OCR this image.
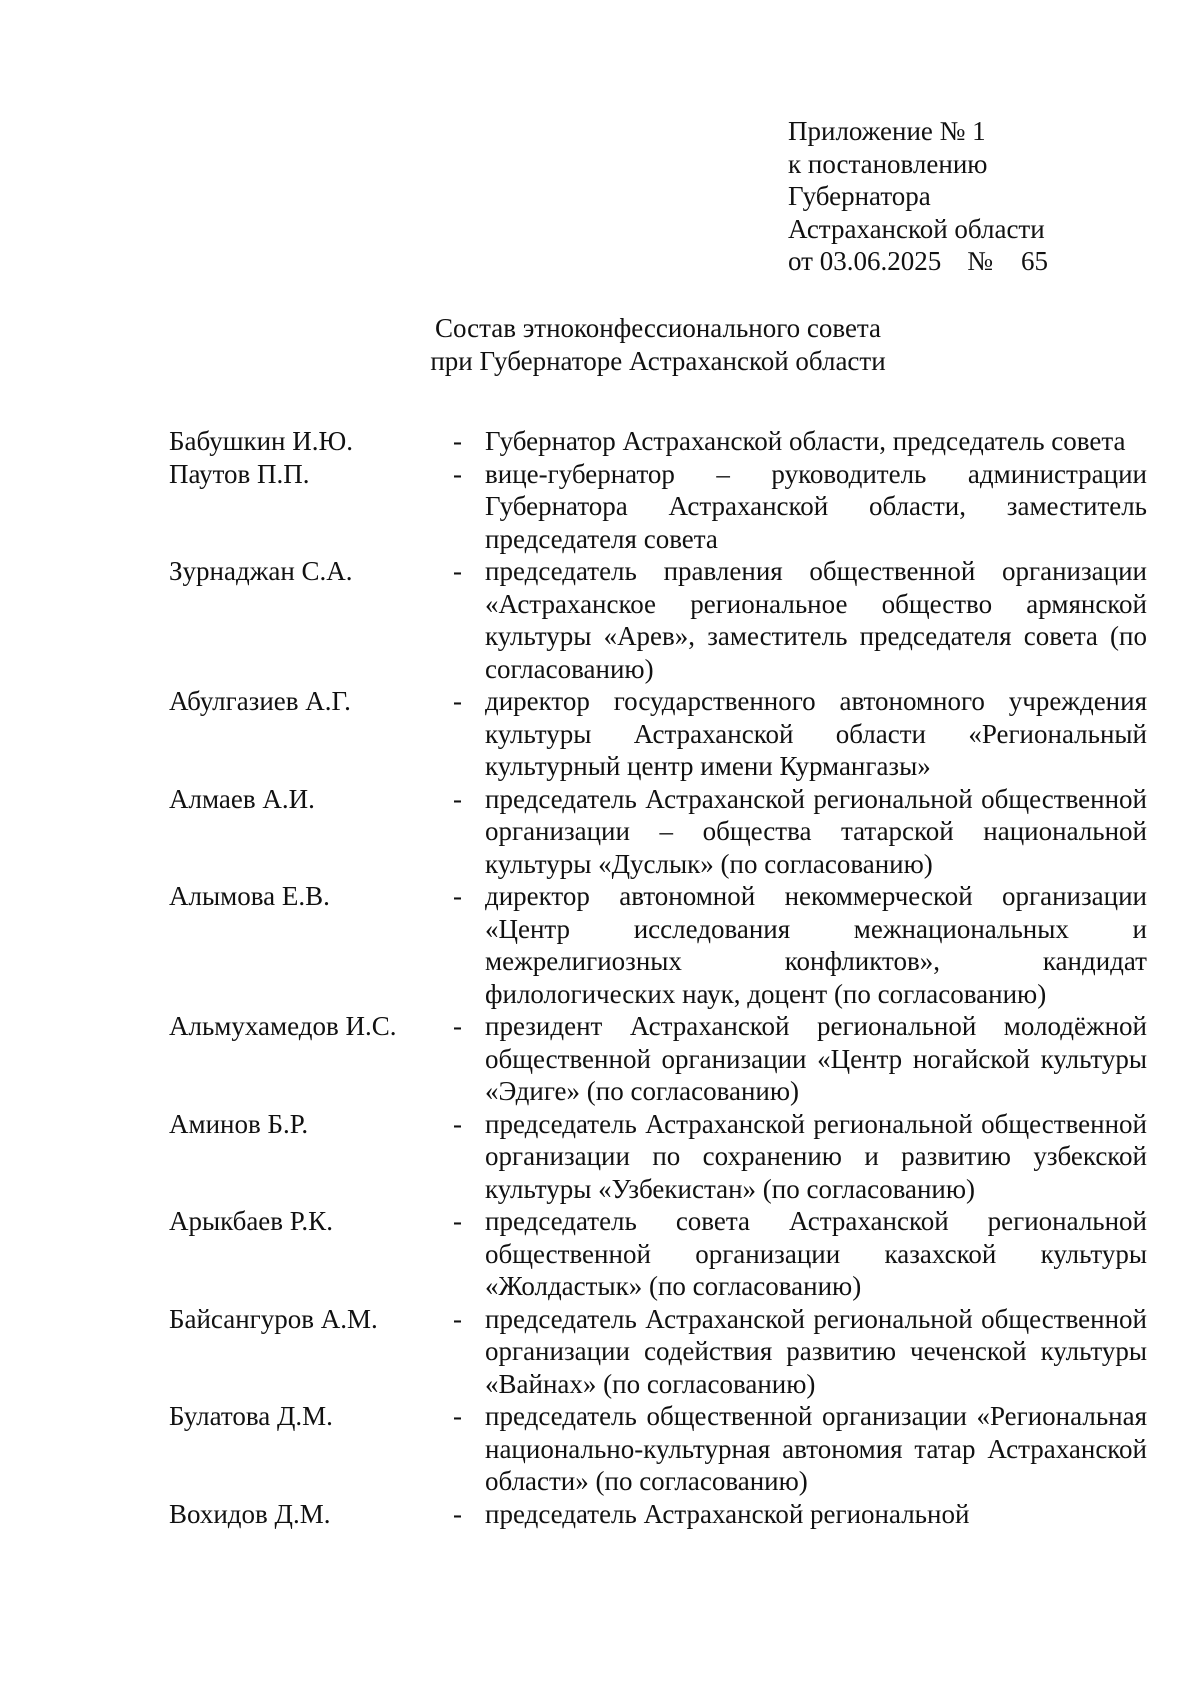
Приложение № 1
к постановлению
Губернатора
Астраханской области
от 03.06.2025 № 65
Состав этноконфессионального совета
при Губернаторе Астраханской области
Бабушкин И.Ю.	- Губернатор Астраханской области, председатель совета
Паутов П.П.	- вице-губернатор – руководитель администрации Губернатора Астраханской области, заместитель председателя совета
Зурнаджан С.А.	- председатель правления общественной организации «Астраханское региональное общество армянской культуры «Арев», заместитель председателя совета (по согласованию)
Абулгазиев А.Г.	- директор государственного автономного учреждения культуры Астраханской области «Региональный культурный центр имени Курмангазы»
Алмаев А.И.	- председатель Астраханской региональной общественной организации – общества татарской национальной культуры «Дуслык» (по согласованию)
Алымова Е.В.	- директор автономной некоммерческой организации «Центр исследования межнациональных и межрелигиозных конфликтов», кандидат филологических наук, доцент (по согласованию)
Альмухамедов И.С.	- президент Астраханской региональной молодёжной общественной организации «Центр ногайской культуры «Эдиге» (по согласованию)
Аминов Б.Р.	- председатель Астраханской региональной общественной организации по сохранению и развитию узбекской культуры «Узбекистан» (по согласованию)
Арыкбаев Р.К.	- председатель совета Астраханской региональной общественной организации казахской культуры «Жолдастык» (по согласованию)
Байсангуров А.М.	- председатель Астраханской региональной общественной организации содействия развитию чеченской культуры «Вайнах» (по согласованию)
Булатова Д.М.	- председатель общественной организации «Региональная национально-культурная автономия татар Астраханской области» (по согласованию)
Вохидов Д.М.	- председатель Астраханской региональной
